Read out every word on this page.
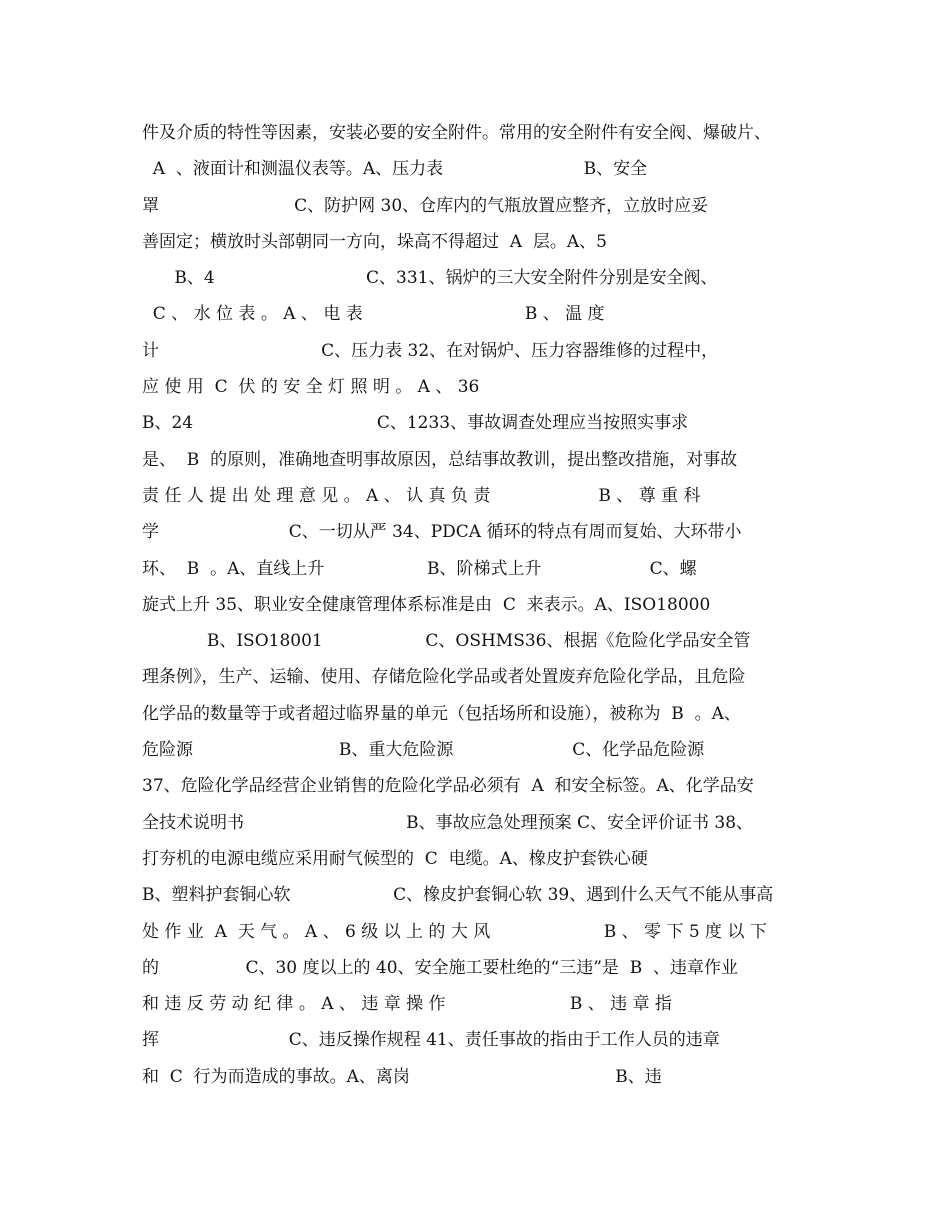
件及介质的特性等因素，安装必要的安全附件。常用的安全附件有安全阀、爆破片、
A  、液面计和测温仪表等。A、压力表                          B、安全
罩                         C、防护网 30、仓库内的气瓶放置应整齐，立放时应妥
善固定；横放时头部朝同一方向，垛高不得超过  A  层。A、5
B、4                            C、331、锅炉的三大安全附件分别是安全阀、
C 、 水 位 表 。 A 、 电 表                              B 、 温 度
计                              C、压力表 32、在对锅炉、压力容器维修的过程中，
应 使 用  C  伏 的 安 全 灯 照 明 。 A 、 36
B、24                                  C、1233、事故调查处理应当按照实事求
是、  B  的原则，准确地查明事故原因，总结事故教训，提出整改措施，对事故
责 任 人 提 出 处 理 意 见 。 A 、 认 真 负 责                    B 、 尊 重 科
学                        C、一切从严 34、PDCA 循环的特点有周而复始、大环带小
环、  B  。A、直线上升                   B、阶梯式上升                    C、螺
旋式上升 35、职业安全健康管理体系标准是由  C  来表示。A、ISO18000
B、ISO18001                   C、OSHMS36、根据《危险化学品安全管
理条例》，生产、运输、使用、存储危险化学品或者处置废弃危险化学品，且危险
化学品的数量等于或者超过临界量的单元（包括场所和设施），被称为  B  。A、
危险源                           B、重大危险源                      C、化学品危险源
37、危险化学品经营企业销售的危险化学品必须有  A  和安全标签。A、化学品安
全技术说明书                              B、事故应急处理预案 C、安全评价证书 38、
打夯机的电源电缆应采用耐气候型的  C  电缆。A、橡皮护套铁心硬
B、塑料护套铜心软                   C、橡皮护套铜心软 39、遇到什么天气不能从事高
处 作 业  A  天 气 。 A 、 6 级 以 上 的 大 风                     B 、 零 下 5 度 以 下
的                C、30 度以上的 40、安全施工要杜绝的“三违”是  B  、违章作业
和 违 反 劳 动 纪 律 。 A 、 违 章 操 作                       B 、 违 章 指
挥                        C、违反操作规程 41、责任事故的指由于工作人员的违章
和  C  行为而造成的事故。A、离岗                                      B、违
